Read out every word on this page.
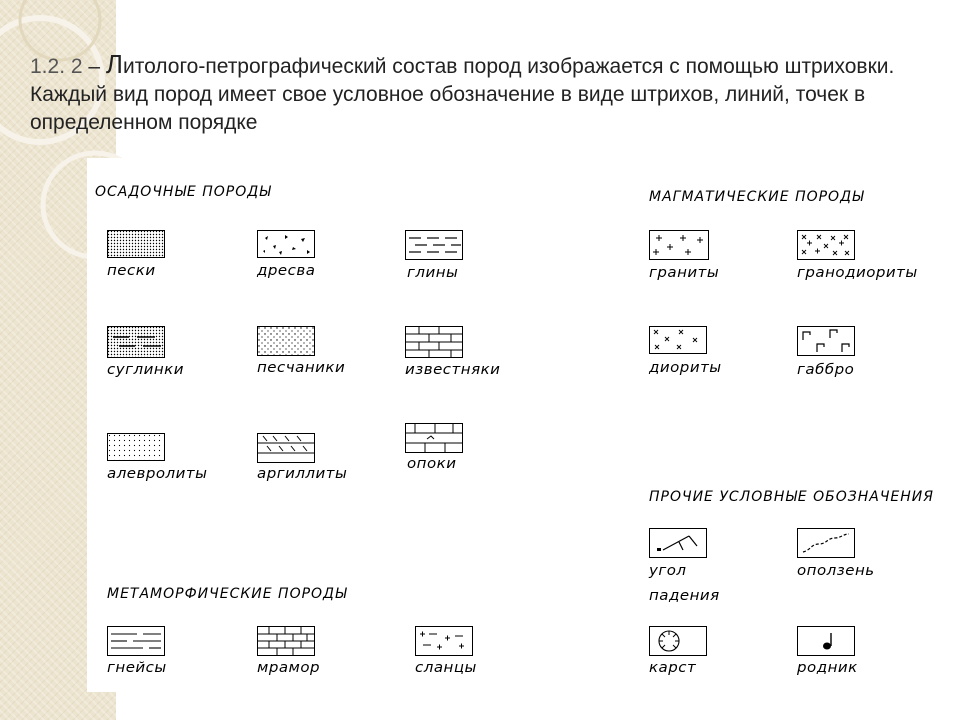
1.2. 2 – Литолого-петрографический состав пород изображается с помощью штриховки. Каждый вид пород имеет свое условное обозначение в виде штрихов, линий, точек в определенном порядке
ОСАДОЧНЫЕ ПОРОДЫ	МАГМАТИЧЕСКИЕ ПОРОДЫ
ПРОЧИЕ УСЛОВНЫЕ ОБОЗНАЧЕНИЯ
МЕТАМОРФИЧЕСКИЕ ПОРОДЫ
пески	дресва	глины	граниты	гранодиориты
суглинки	песчаники	известняки	диориты	габбро
алевролиты	аргиллиты
опоки
угол
падения
оползень
гнейсы	мрамор	сланцы	карст	родник
